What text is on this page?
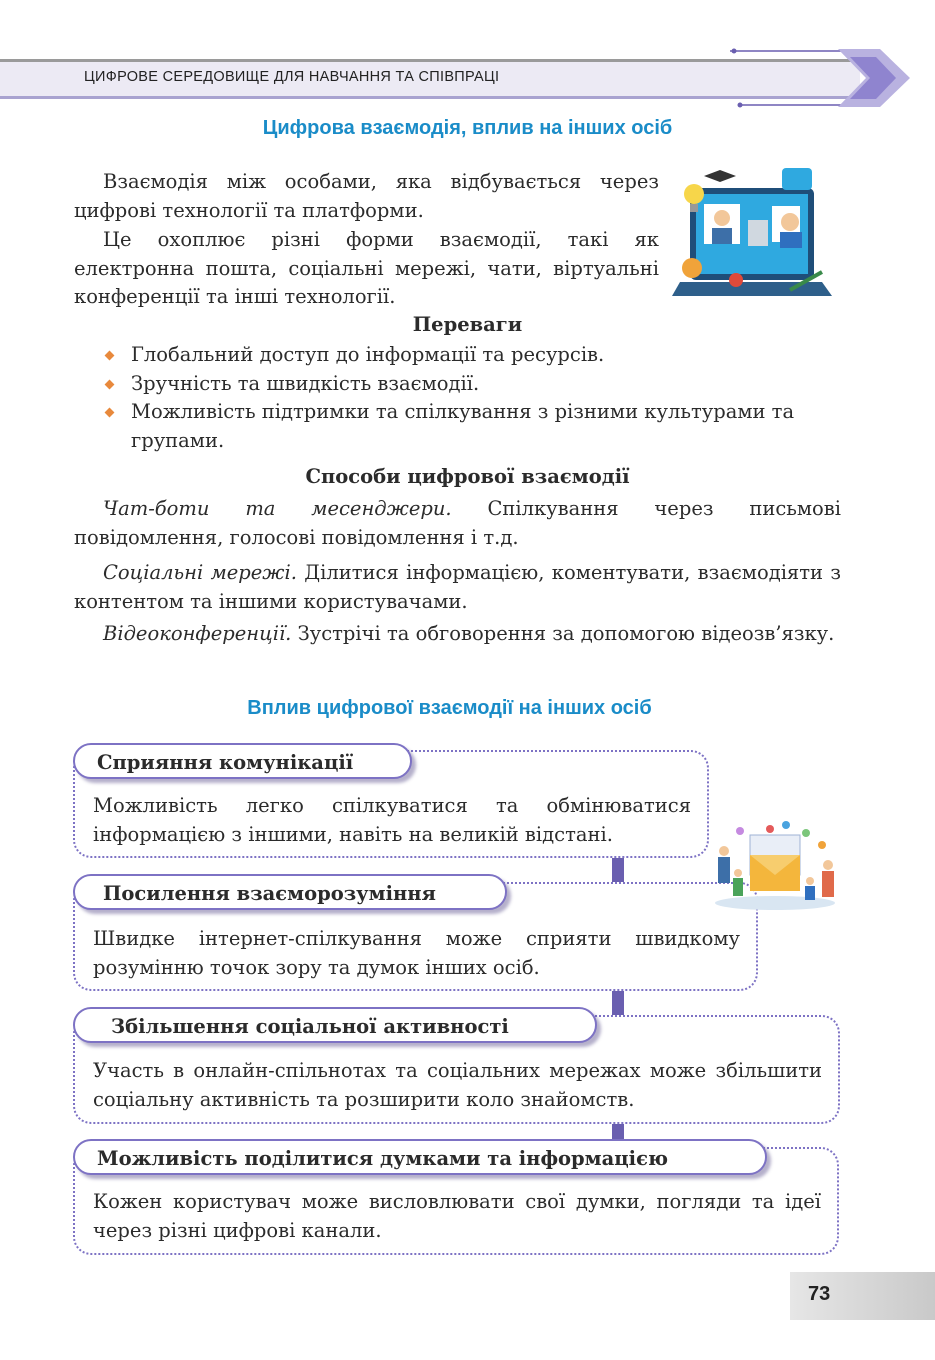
ЦИФРОВЕ СЕРЕДОВИЩЕ ДЛЯ НАВЧАННЯ ТА СПІВПРАЦІ
Цифрова взаємодія, вплив на інших осіб

Взаємодія між особами, яка відбувається через цифрові технології та платформи.

Це охоплює різні форми взаємодії, такі як електронна пошта, соціальні мережі, чати, віртуальні конференції та інші технології.

Переваги
Глобальний доступ до інформації та ресурсів.
Зручність та швидкість взаємодії.
Можливість підтримки та спілкування з різними культурами та групами.
Способи цифрової взаємодії

Чат-боти та месенджери. Спілкування через письмові повідомлення, голосові повідомлення і т.д.

Соціальні мережі. Ділитися інформацією, коментувати, взаємодіяти з контентом та іншими користувачами.

Відеоконференції. Зустрічі та обговорення за допомогою відеозв’язку.

Вплив цифрової взаємодії на інших осіб
Можливість легко спілкуватися та обмінюватися інформацією з іншими, навіть на великій відстані.
Сприяння комунікації
Швидке інтернет-спілкування може сприяти швидкому розумінню точок зору та думок інших осіб.
Посилення взаєморозуміння
Участь в онлайн-спільнотах та соціальних мережах може збільшити соціальну активність та розширити коло знайомств.
Збільшення соціальної активності
Кожен користувач може висловлювати свої думки, погляди та ідеї через різні цифрові канали.
Можливість поділитися думками та інформацією
73
